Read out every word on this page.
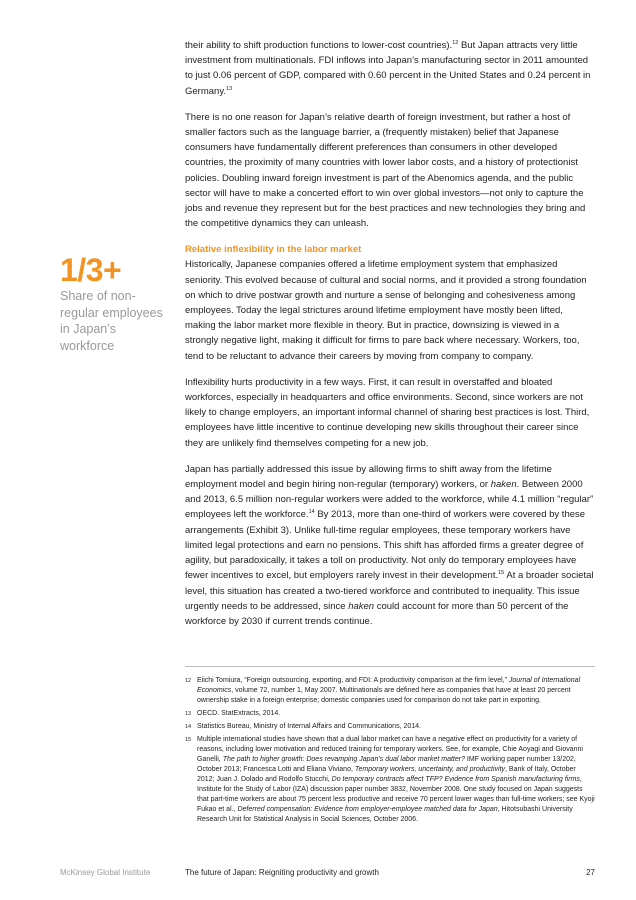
their ability to shift production functions to lower-cost countries).$^{12}$ But Japan attracts very little investment from multinationals. FDI inflows into Japan’s manufacturing sector in 2011 amounted to just 0.06 percent of GDP, compared with 0.60 percent in the United States and 0.24 percent in Germany.$^{13}$

There is no one reason for Japan’s relative dearth of foreign investment, but rather a host of smaller factors such as the language barrier, a (frequently mistaken) belief that Japanese consumers have fundamentally different preferences than consumers in other developed countries, the proximity of many countries with lower labor costs, and a history of protectionist policies. Doubling inward foreign investment is part of the Abenomics agenda, and the public sector will have to make a concerted effort to win over global investors—not only to capture the jobs and revenue they represent but for the best practices and new technologies they bring and the competitive dynamics they can unleash.

Relative inflexibility in the labor market

Historically, Japanese companies offered a lifetime employment system that emphasized seniority. This evolved because of cultural and social norms, and it provided a strong foundation on which to drive postwar growth and nurture a sense of belonging and cohesiveness among employees. Today the legal strictures around lifetime employment have mostly been lifted, making the labor market more flexible in theory. But in practice, downsizing is viewed in a strongly negative light, making it difficult for firms to pare back where necessary. Workers, too, tend to be reluctant to advance their careers by moving from company to company.

Inflexibility hurts productivity in a few ways. First, it can result in overstaffed and bloated workforces, especially in headquarters and office environments. Second, since workers are not likely to change employers, an important informal channel of sharing best practices is lost. Third, employees have little incentive to continue developing new skills throughout their career since they are unlikely find themselves competing for a new job.

Japan has partially addressed this issue by allowing firms to shift away from the lifetime employment model and begin hiring non-regular (temporary) workers, or haken. Between 2000 and 2013, 6.5 million non-regular workers were added to the workforce, while 4.1 million “regular” employees left the workforce.$^{14}$ By 2013, more than one-third of workers were covered by these arrangements (Exhibit 3). Unlike full-time regular employees, these temporary workers have limited legal protections and earn no pensions. This shift has afforded firms a greater degree of agility, but paradoxically, it takes a toll on productivity. Not only do temporary employees have fewer incentives to excel, but employers rarely invest in their development.$^{15}$ At a broader societal level, this situation has created a two-tiered workforce and contributed to inequality. This issue urgently needs to be addressed, since haken could account for more than 50 percent of the workforce by 2030 if current trends continue.

1/3+
Share of non-regular employees in Japan’s workforce
12 Eiichi Tomiura, “Foreign outsourcing, exporting, and FDI: A productivity comparison at the firm level,” Journal of International Economics, volume 72, number 1, May 2007. Multinationals are defined here as companies that have at least 20 percent ownership stake in a foreign enterprise; domestic companies used for comparison do not take part in exporting.
13 OECD. StatExtracts, 2014.
14 Statistics Bureau, Ministry of Internal Affairs and Communications, 2014.
15 Multiple international studies have shown that a dual labor market can have a negative effect on productivity for a variety of reasons, including lower motivation and reduced training for temporary workers. See, for example, Chie Aoyagi and Giovanni Ganelli, The path to higher growth: Does revamping Japan’s dual labor market matter? IMF working paper number 13/202, October 2013; Francesca Lotti and Eliana Viviano, Temporary workers, uncertainty, and productivity, Bank of Italy, October 2012; Juan J. Dolado and Rodolfo Stucchi, Do temporary contracts affect TFP? Evidence from Spanish manufacturing firms, Institute for the Study of Labor (IZA) discussion paper number 3832, November 2008. One study focused on Japan suggests that part-time workers are about 75 percent less productive and receive 70 percent lower wages than full-time workers; see Kyoji Fukao et al., Deferred compensation: Evidence from employer-employee matched data for Japan, Hitotsubashi University Research Unit for Statistical Analysis in Social Sciences, October 2006.
McKinsey Global Institute	The future of Japan: Reigniting productivity and growth	27
